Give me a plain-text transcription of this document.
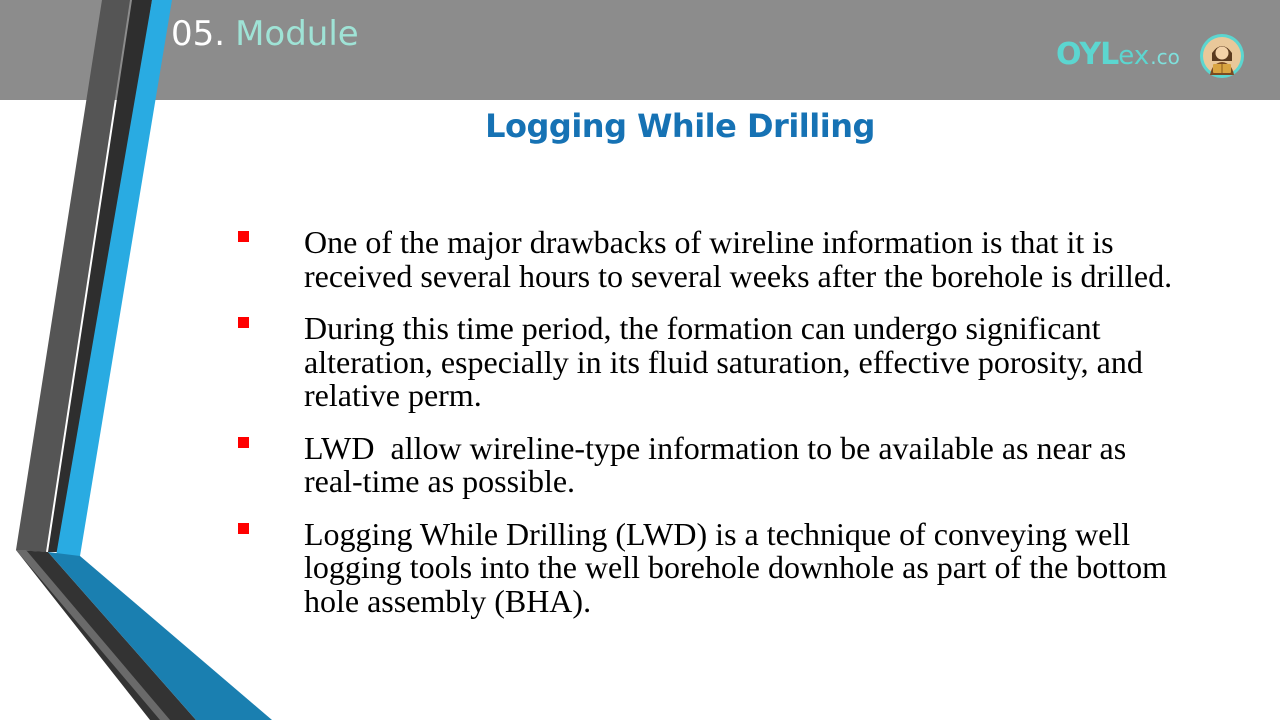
05. Module
OYLex.co
Logging While Drilling
One of the major drawbacks of wireline information is that it is received several hours to several weeks after the borehole is drilled.
During this time period, the formation can undergo significant alteration, especially in its fluid saturation, effective porosity, and relative perm.
LWD  allow wireline-type information to be available as near as real-time as possible.
Logging While Drilling (LWD) is a technique of conveying well logging tools into the well borehole downhole as part of the bottom hole assembly (BHA).
